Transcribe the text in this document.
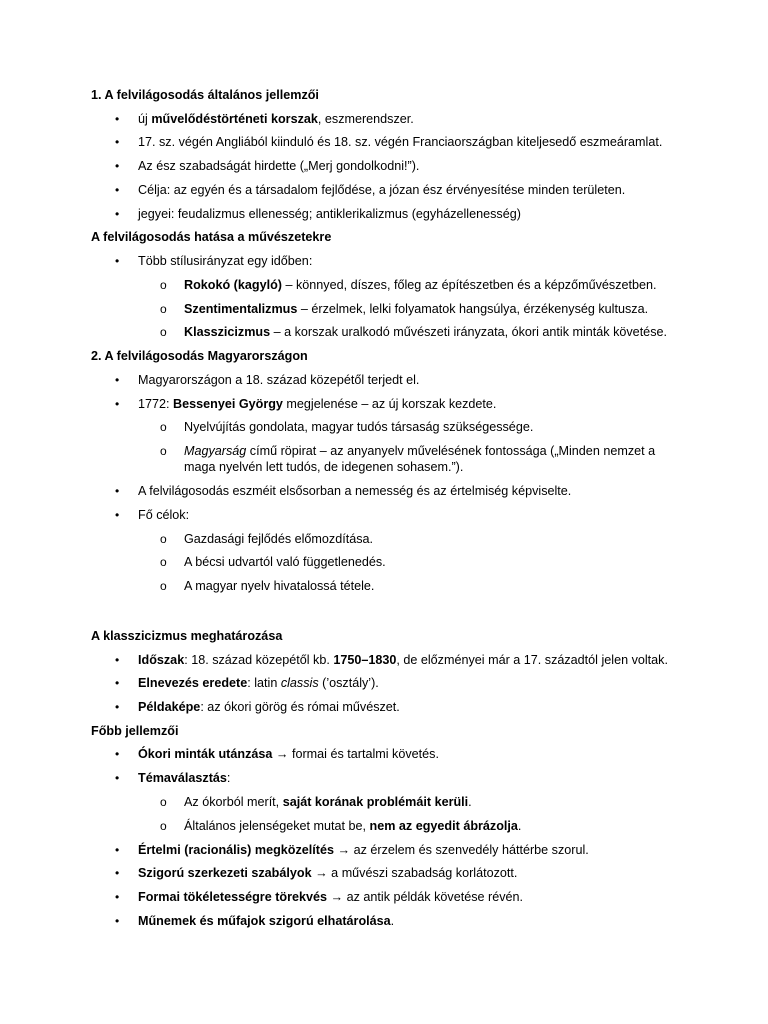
1. A felvilágosodás általános jellemzői
• új művelődéstörténeti korszak, eszmerendszer.
• 17. sz. végén Angliából kiinduló és 18. sz. végén Franciaországban kiteljesedő eszmeáramlat.
• Az ész szabadságát hirdette („Merj gondolkodni!”).
• Célja: az egyén és a társadalom fejlődése, a józan ész érvényesítése minden területen.
• jegyei: feudalizmus ellenesség; antiklerikalizmus (egyházellenesség)
A felvilágosodás hatása a művészetekre
• Több stílusirányzat egy időben:
o Rokokó (kagyló) – könnyed, díszes, főleg az építészetben és a képzőművészetben.
o Szentimentalizmus – érzelmek, lelki folyamatok hangsúlya, érzékenység kultusza.
o Klasszicizmus – a korszak uralkodó művészeti irányzata, ókori antik minták követése.
2. A felvilágosodás Magyarországon
• Magyarországon a 18. század közepétől terjedt el.
• 1772: Bessenyei György megjelenése – az új korszak kezdete.
o Nyelvújítás gondolata, magyar tudós társaság szükségessége.
o Magyarság című röpirat – az anyanyelv művelésének fontossága („Minden nemzet a
maga nyelvén lett tudós, de idegenen sohasem.”).
• A felvilágosodás eszméit elsősorban a nemesség és az értelmiség képviselte.
• Fő célok:
o Gazdasági fejlődés előmozdítása.
o A bécsi udvartól való függetlenedés.
o A magyar nyelv hivatalossá tétele.
A klasszicizmus meghatározása
• Időszak: 18. század közepétől kb. 1750–1830, de előzményei már a 17. századtól jelen voltak.
• Elnevezés eredete: latin classis (’osztály’).
• Példaképe: az ókori görög és római művészet.
Főbb jellemzői
• Ókori minták utánzása → formai és tartalmi követés.
• Témaválasztás:
o Az ókorból merít, saját korának problémáit kerüli.
o Általános jelenségeket mutat be, nem az egyedit ábrázolja.
• Értelmi (racionális) megközelítés → az érzelem és szenvedély háttérbe szorul.
• Szigorú szerkezeti szabályok → a művészi szabadság korlátozott.
• Formai tökéletességre törekvés → az antik példák követése révén.
• Műnemek és műfajok szigorú elhatárolása.
